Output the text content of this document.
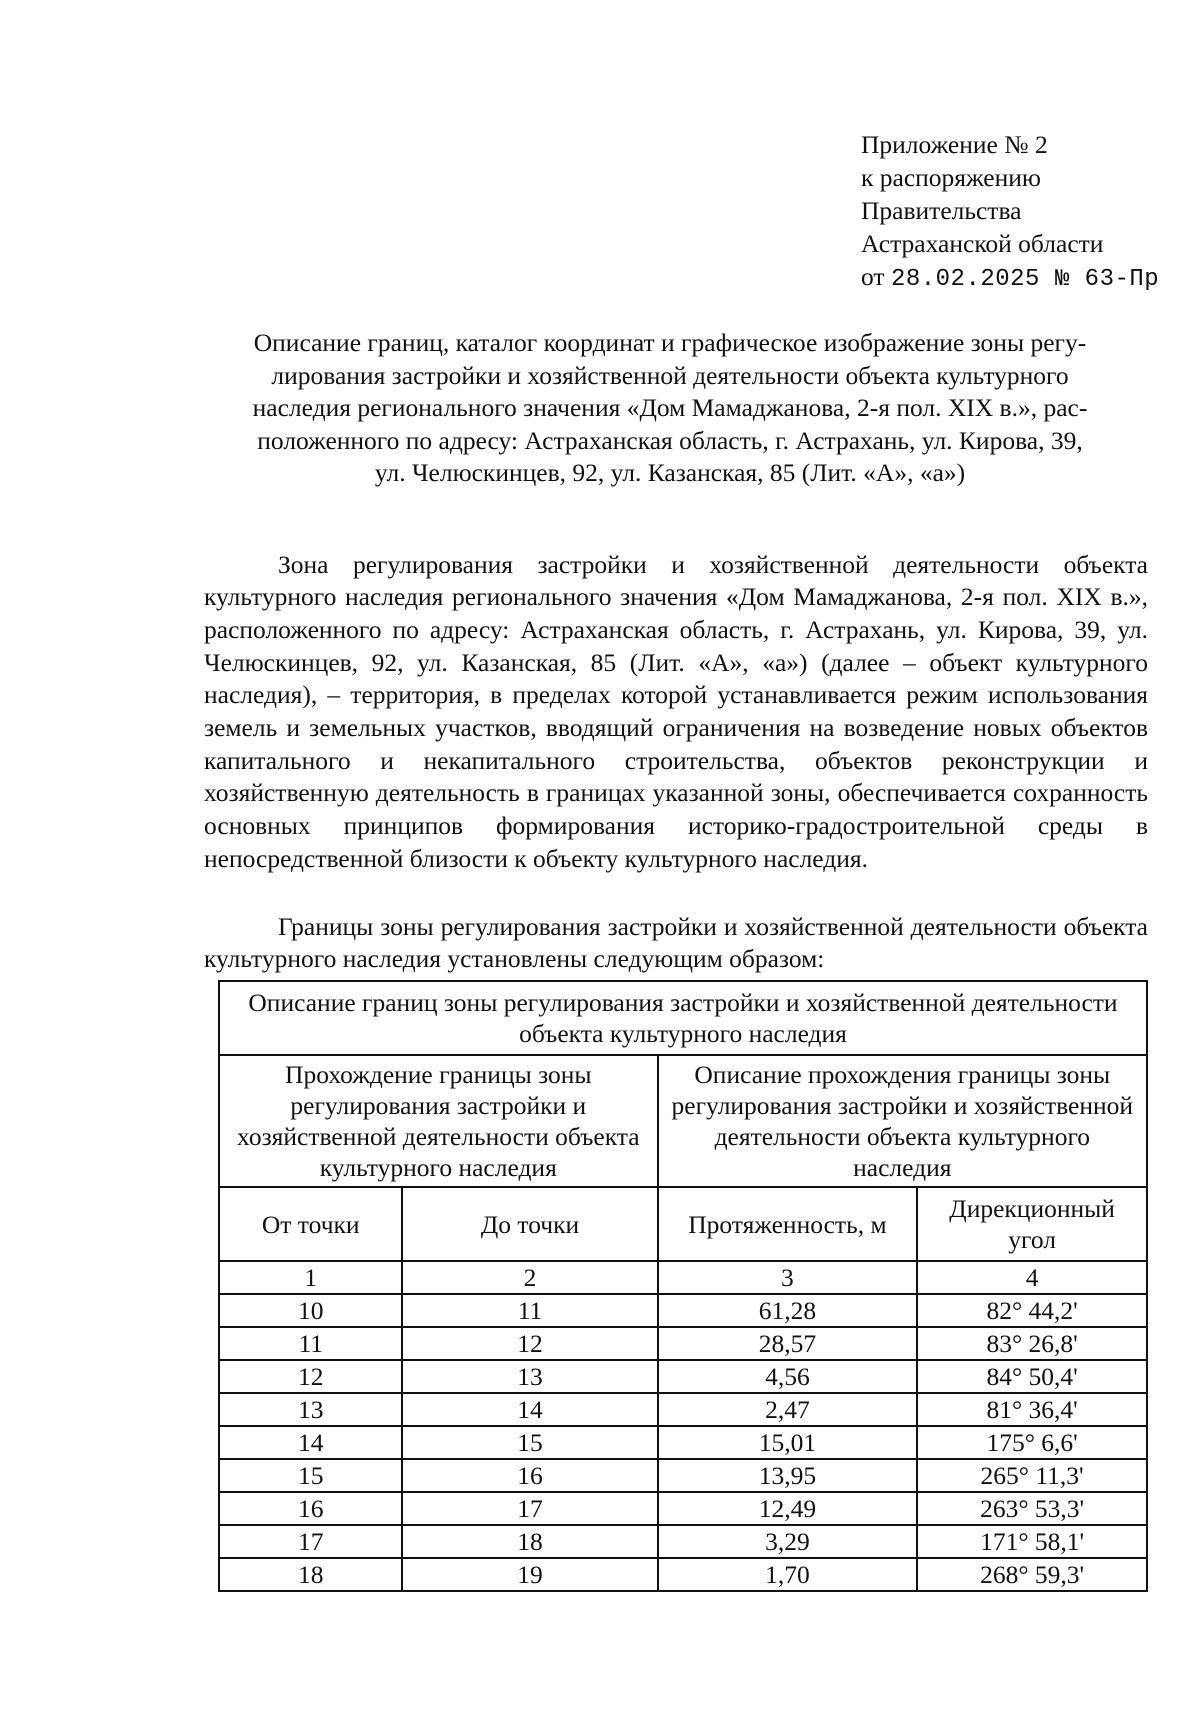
Приложение № 2
к распоряжению
Правительства
Астраханской области
от 28.02.2025 № 63-Пр
Описание границ, каталог координат и графическое изображение зоны регу-
лирования застройки и хозяйственной деятельности объекта культурного
наследия регионального значения «Дом Мамаджанова, 2-я пол. XIX в.», рас-
положенного по адресу: Астраханская область, г. Астрахань, ул. Кирова, 39,
ул. Челюскинцев, 92, ул. Казанская, 85 (Лит. «А», «а»)

Зона регулирования застройки и хозяйственной деятельности объекта культурного наследия регионального значения «Дом Мамаджанова, 2-я пол. XIX в.», расположенного по адресу: Астраханская область, г. Астрахань, ул. Кирова, 39, ул. Челюскинцев, 92, ул. Казанская, 85 (Лит. «А», «а») (далее – объект культурного наследия), – территория, в пределах которой устанавливается режим использования земель и земельных участков, вводящий ограничения на возведение новых объектов капитального и некапитального строительства, объектов реконструкции и хозяйственную деятельность в границах указанной зоны, обеспечивается сохранность основных принципов формирования историко-градостроительной среды в непосредственной близости к объекту культурного наследия.

Границы зоны регулирования застройки и хозяйственной деятельности объекта культурного наследия установлены следующим образом:

Описание границ зоны регулирования застройки и хозяйственной деятельности объекта культурного наследия			
Прохождение границы зоны регулирования застройки и хозяйственной деятельности объекта культурного наследия		Описание прохождения границы зоны регулирования застройки и хозяйственной деятельности объекта культурного наследия	
От точки	До точки	Протяженность, м	Дирекционный угол
1	2	3	4
10	11	61,28	82° 44,2'
11	12	28,57	83° 26,8'
12	13	4,56	84° 50,4'
13	14	2,47	81° 36,4'
14	15	15,01	175° 6,6'
15	16	13,95	265° 11,3'
16	17	12,49	263° 53,3'
17	18	3,29	171° 58,1'
18	19	1,70	268° 59,3'
